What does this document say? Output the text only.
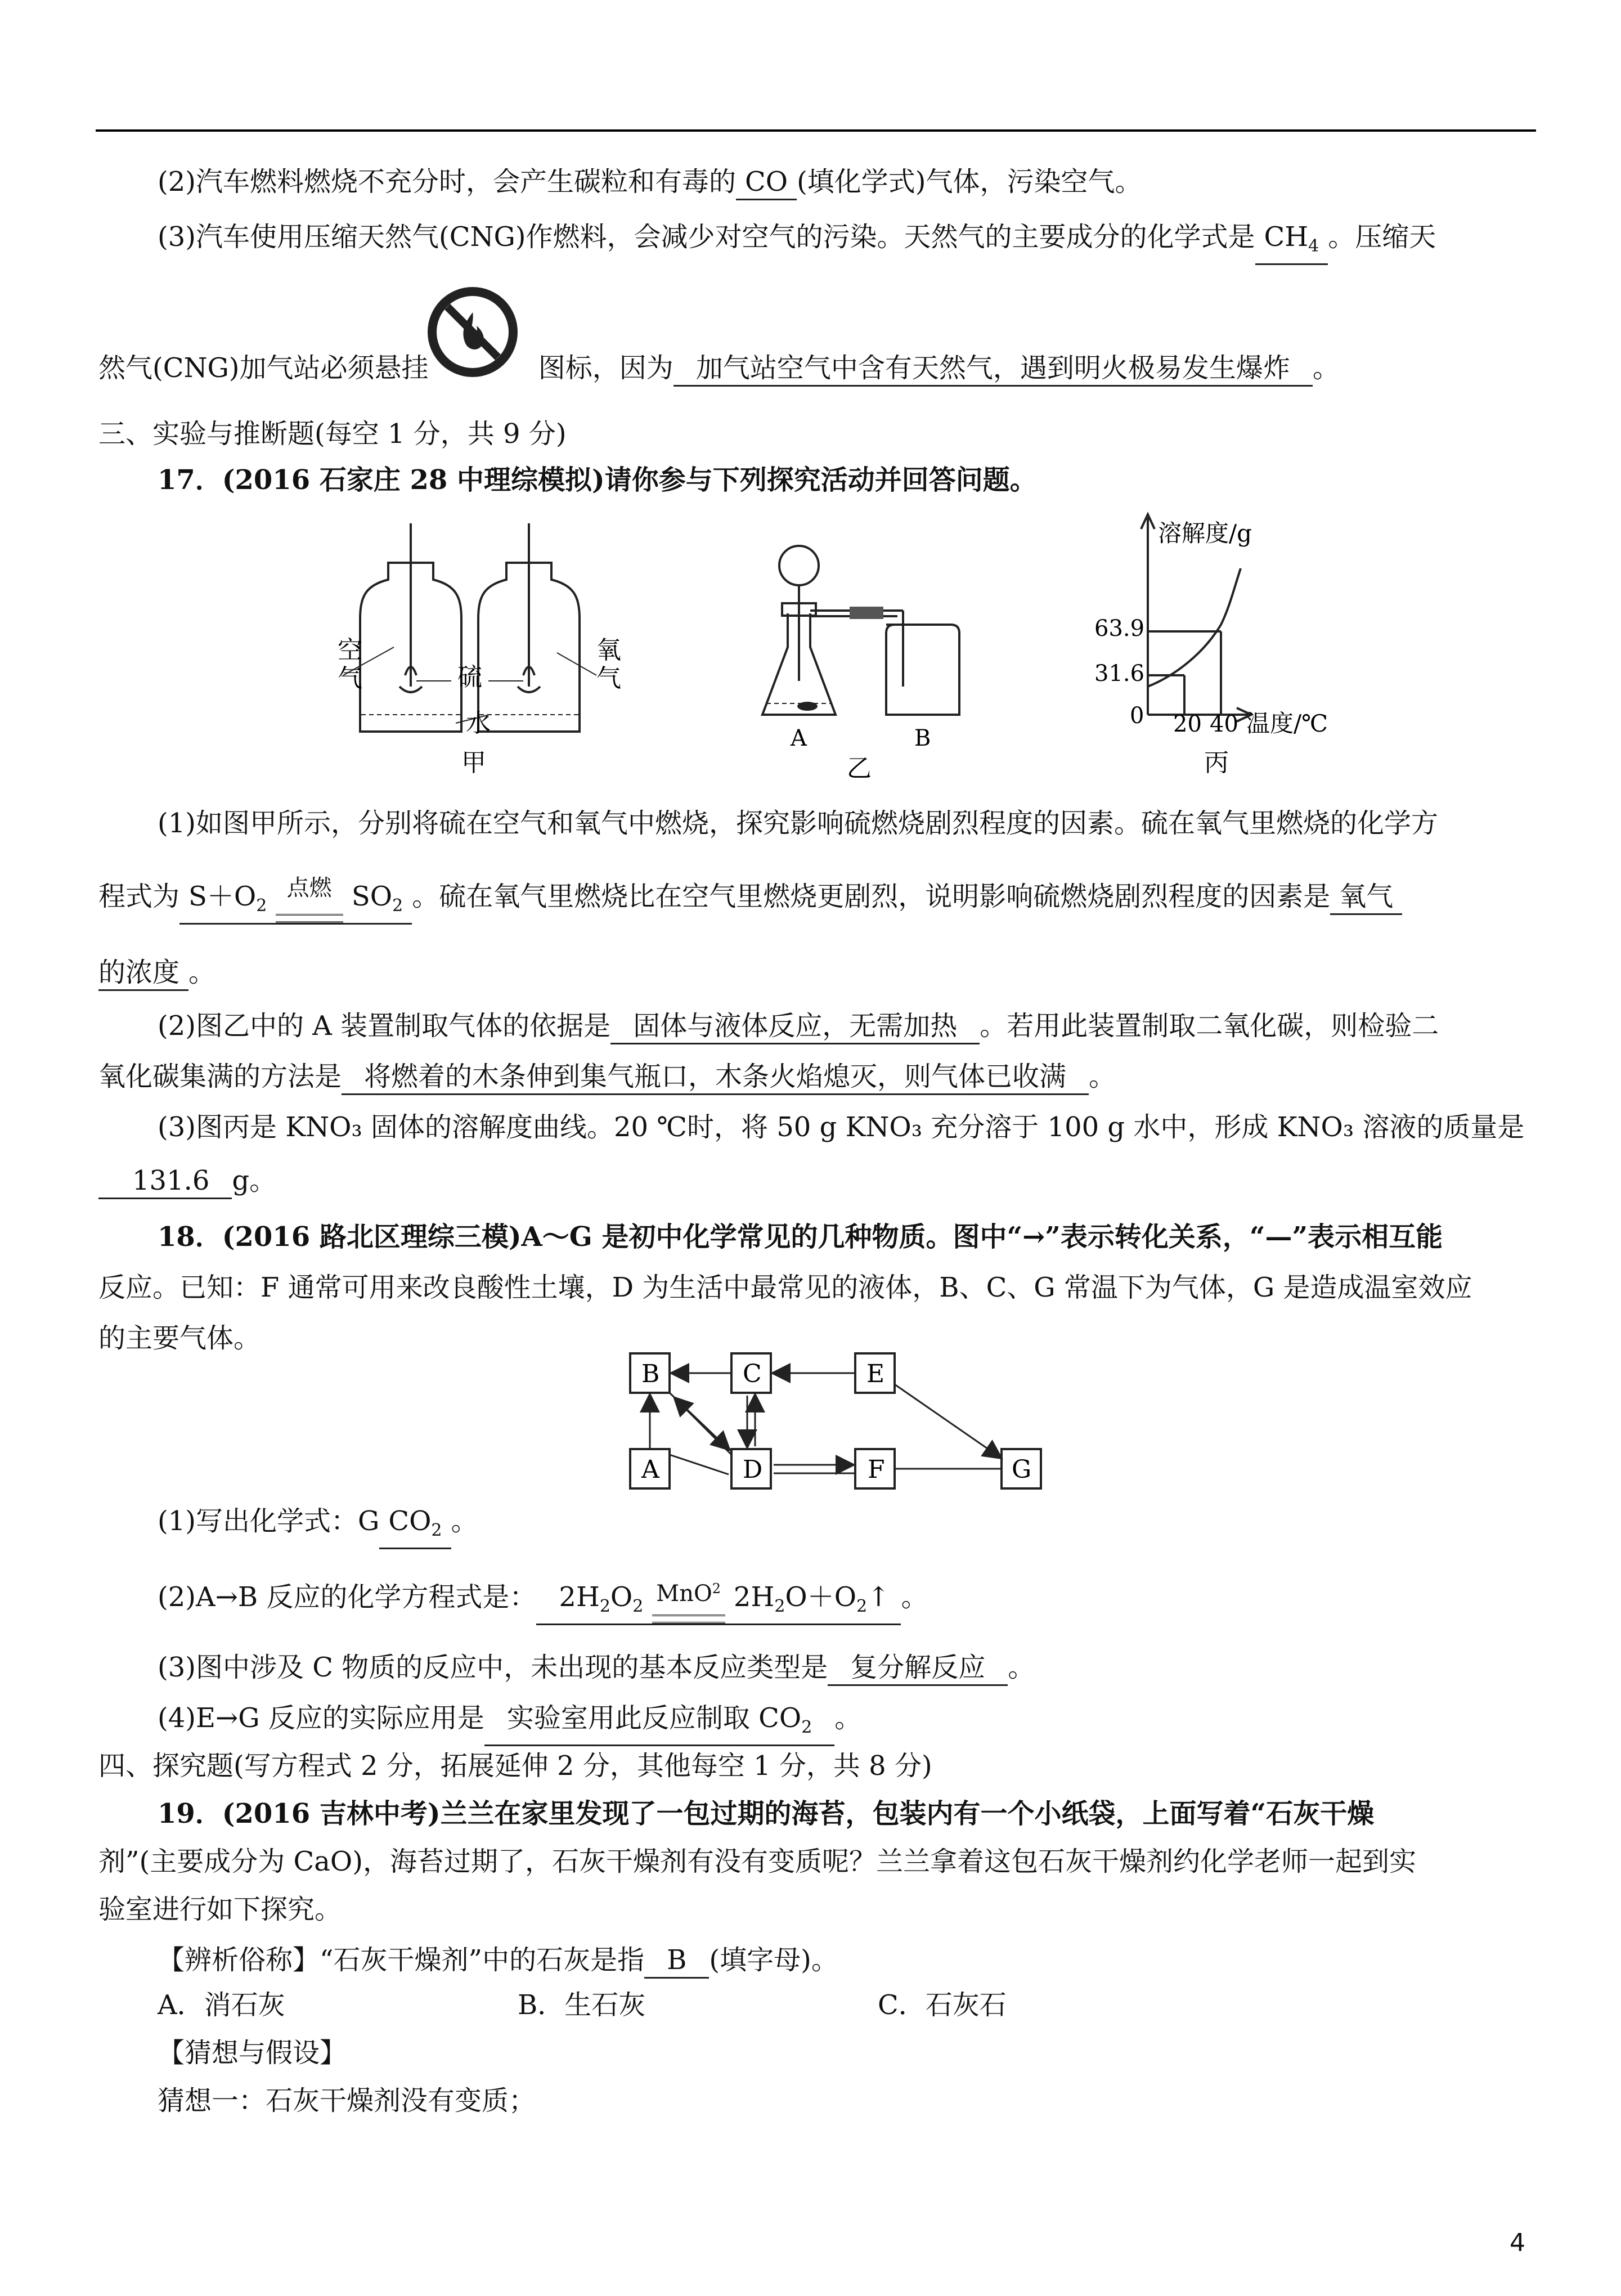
(2)汽车燃料燃烧不充分时，会产生碳粒和有毒的 CO (填化学式)气体，污染空气。
(3)汽车使用压缩天然气(CNG)作燃料，会减少对空气的污染。天然气的主要成分的化学式是 $CH_4$ 。压缩天
然气(CNG)加气站必须悬挂	图标，因为 加气站空气中含有天然气，遇到明火极易发生爆炸 。
三、实验与推断题(每空 1 分，共 9 分)
17．(2016 石家庄 28 中理综模拟)请你参与下列探究活动并回答问题。
空
气	硫
氧
气
水
甲
A	B
乙
溶解度/g
63.9
31.6
0 20 40 温度/℃
丙
(1)如图甲所示，分别将硫在空气和氧气中燃烧，探究影响硫燃烧剧烈程度的因素。硫在氧气里燃烧的化学方
程式为 $S+O_2$
点燃 $SO_2$ 。硫在氧气里燃烧比在空气里燃烧更剧烈，说明影响硫燃烧剧烈程度的因素是 氧气
的浓度 。
(2)图乙中的 A 装置制取气体的依据是 固体与液体反应，无需加热 。若用此装置制取二氧化碳，则检验二
氧化碳集满的方法是 将燃着的木条伸到集气瓶口，木条火焰熄灭，则气体已收满 。
(3)图丙是 KNO₃ 固体的溶解度曲线。20 ℃时，将 50 g KNO₃ 充分溶于 100 g 水中，形成 KNO₃ 溶液的质量是
131.6 g。
18．(2016 路北区理综三模)A～G 是初中化学常见的几种物质。图中“→”表示转化关系，“—”表示相互能
反应。已知：F 通常可用来改良酸性土壤，D 为生活中最常见的液体，B、C、G 常温下为气体，G 是造成温室效应
的主要气体。
B	C	E
A	D	F	G
(1)写出化学式：G $CO_2$ 。
(2)A→B 反应的化学方程式是： $2H_2O_2$ MnO$^2$ $2H_2O+O_2↑$ 。
(3)图中涉及 C 物质的反应中，未出现的基本反应类型是 复分解反应 。
(4)E→G 反应的实际应用是 实验室用此反应制取 $CO_2$ 。
四、探究题(写方程式 2 分，拓展延伸 2 分，其他每空 1 分，共 8 分)
19．(2016 吉林中考)兰兰在家里发现了一包过期的海苔，包装内有一个小纸袋，上面写着“石灰干燥
剂”(主要成分为 CaO)，海苔过期了，石灰干燥剂有没有变质呢？兰兰拿着这包石灰干燥剂约化学老师一起到实
验室进行如下探究。
【辨析俗称】“石灰干燥剂”中的石灰是指 B (填字母)。
A．消石灰	B．生石灰	C．石灰石
【猜想与假设】
猜想一：石灰干燥剂没有变质；
4
